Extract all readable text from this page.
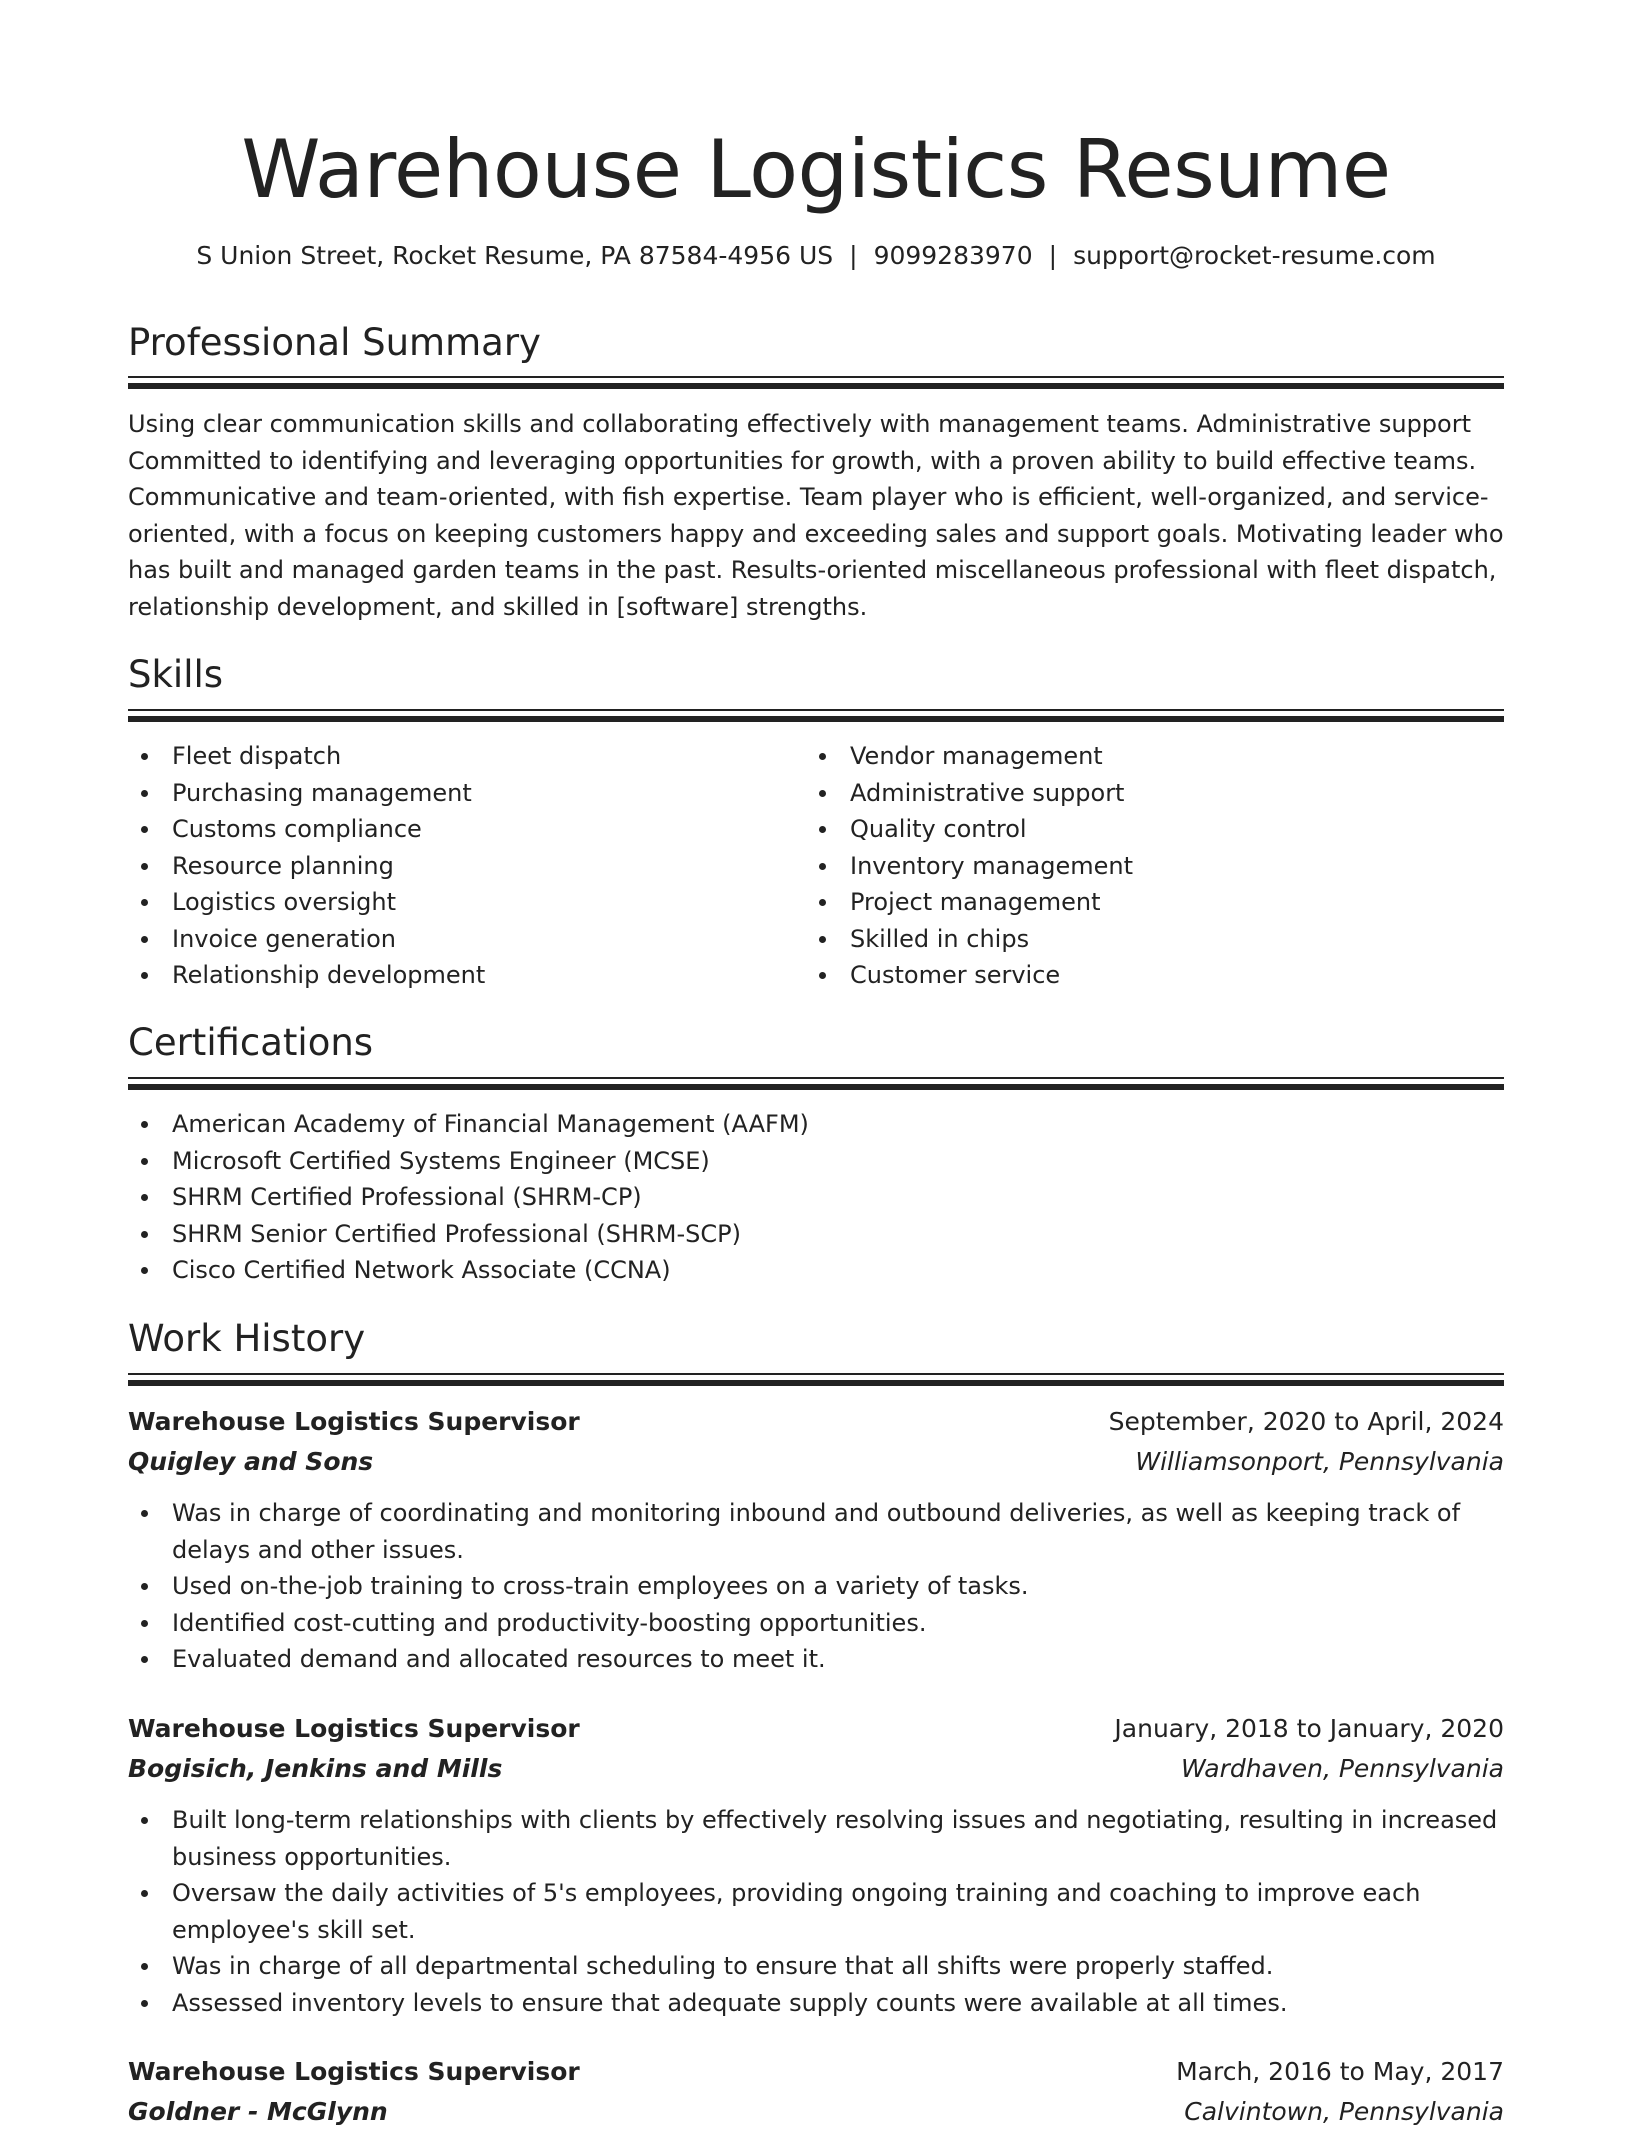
Warehouse Logistics Resume
S Union Street, Rocket Resume, PA 87584-4956 US | 9099283970 | support@rocket-resume.com
Professional Summary

Using clear communication skills and collaborating effectively with management teams. Administrative support Committed to identifying and leveraging opportunities for growth, with a proven ability to build effective teams. Communicative and team-oriented, with fish expertise. Team player who is efficient, well-organized, and service-oriented, with a focus on keeping customers happy and exceeding sales and support goals. Motivating leader who has built and managed garden teams in the past. Results-oriented miscellaneous professional with fleet dispatch, relationship development, and skilled in [software] strengths.

Skills
Fleet dispatch
Purchasing management
Customs compliance
Resource planning
Logistics oversight
Invoice generation
Relationship development
Vendor management
Administrative support
Quality control
Inventory management
Project management
Skilled in chips
Customer service
Certifications
American Academy of Financial Management (AAFM)
Microsoft Certified Systems Engineer (MCSE)
SHRM Certified Professional (SHRM-CP)
SHRM Senior Certified Professional (SHRM-SCP)
Cisco Certified Network Associate (CCNA)
Work History
Warehouse Logistics Supervisor	September, 2020 to April, 2024
Quigley and Sons	Williamsonport, Pennsylvania
Was in charge of coordinating and monitoring inbound and outbound deliveries, as well as keeping track of delays and other issues.
Used on-the-job training to cross-train employees on a variety of tasks.
Identified cost-cutting and productivity-boosting opportunities.
Evaluated demand and allocated resources to meet it.
Warehouse Logistics Supervisor	January, 2018 to January, 2020
Bogisich, Jenkins and Mills	Wardhaven, Pennsylvania
Built long-term relationships with clients by effectively resolving issues and negotiating, resulting in increased business opportunities.
Oversaw the daily activities of 5's employees, providing ongoing training and coaching to improve each employee's skill set.
Was in charge of all departmental scheduling to ensure that all shifts were properly staffed.
Assessed inventory levels to ensure that adequate supply counts were available at all times.
Warehouse Logistics Supervisor	March, 2016 to May, 2017
Goldner - McGlynn	Calvintown, Pennsylvania
